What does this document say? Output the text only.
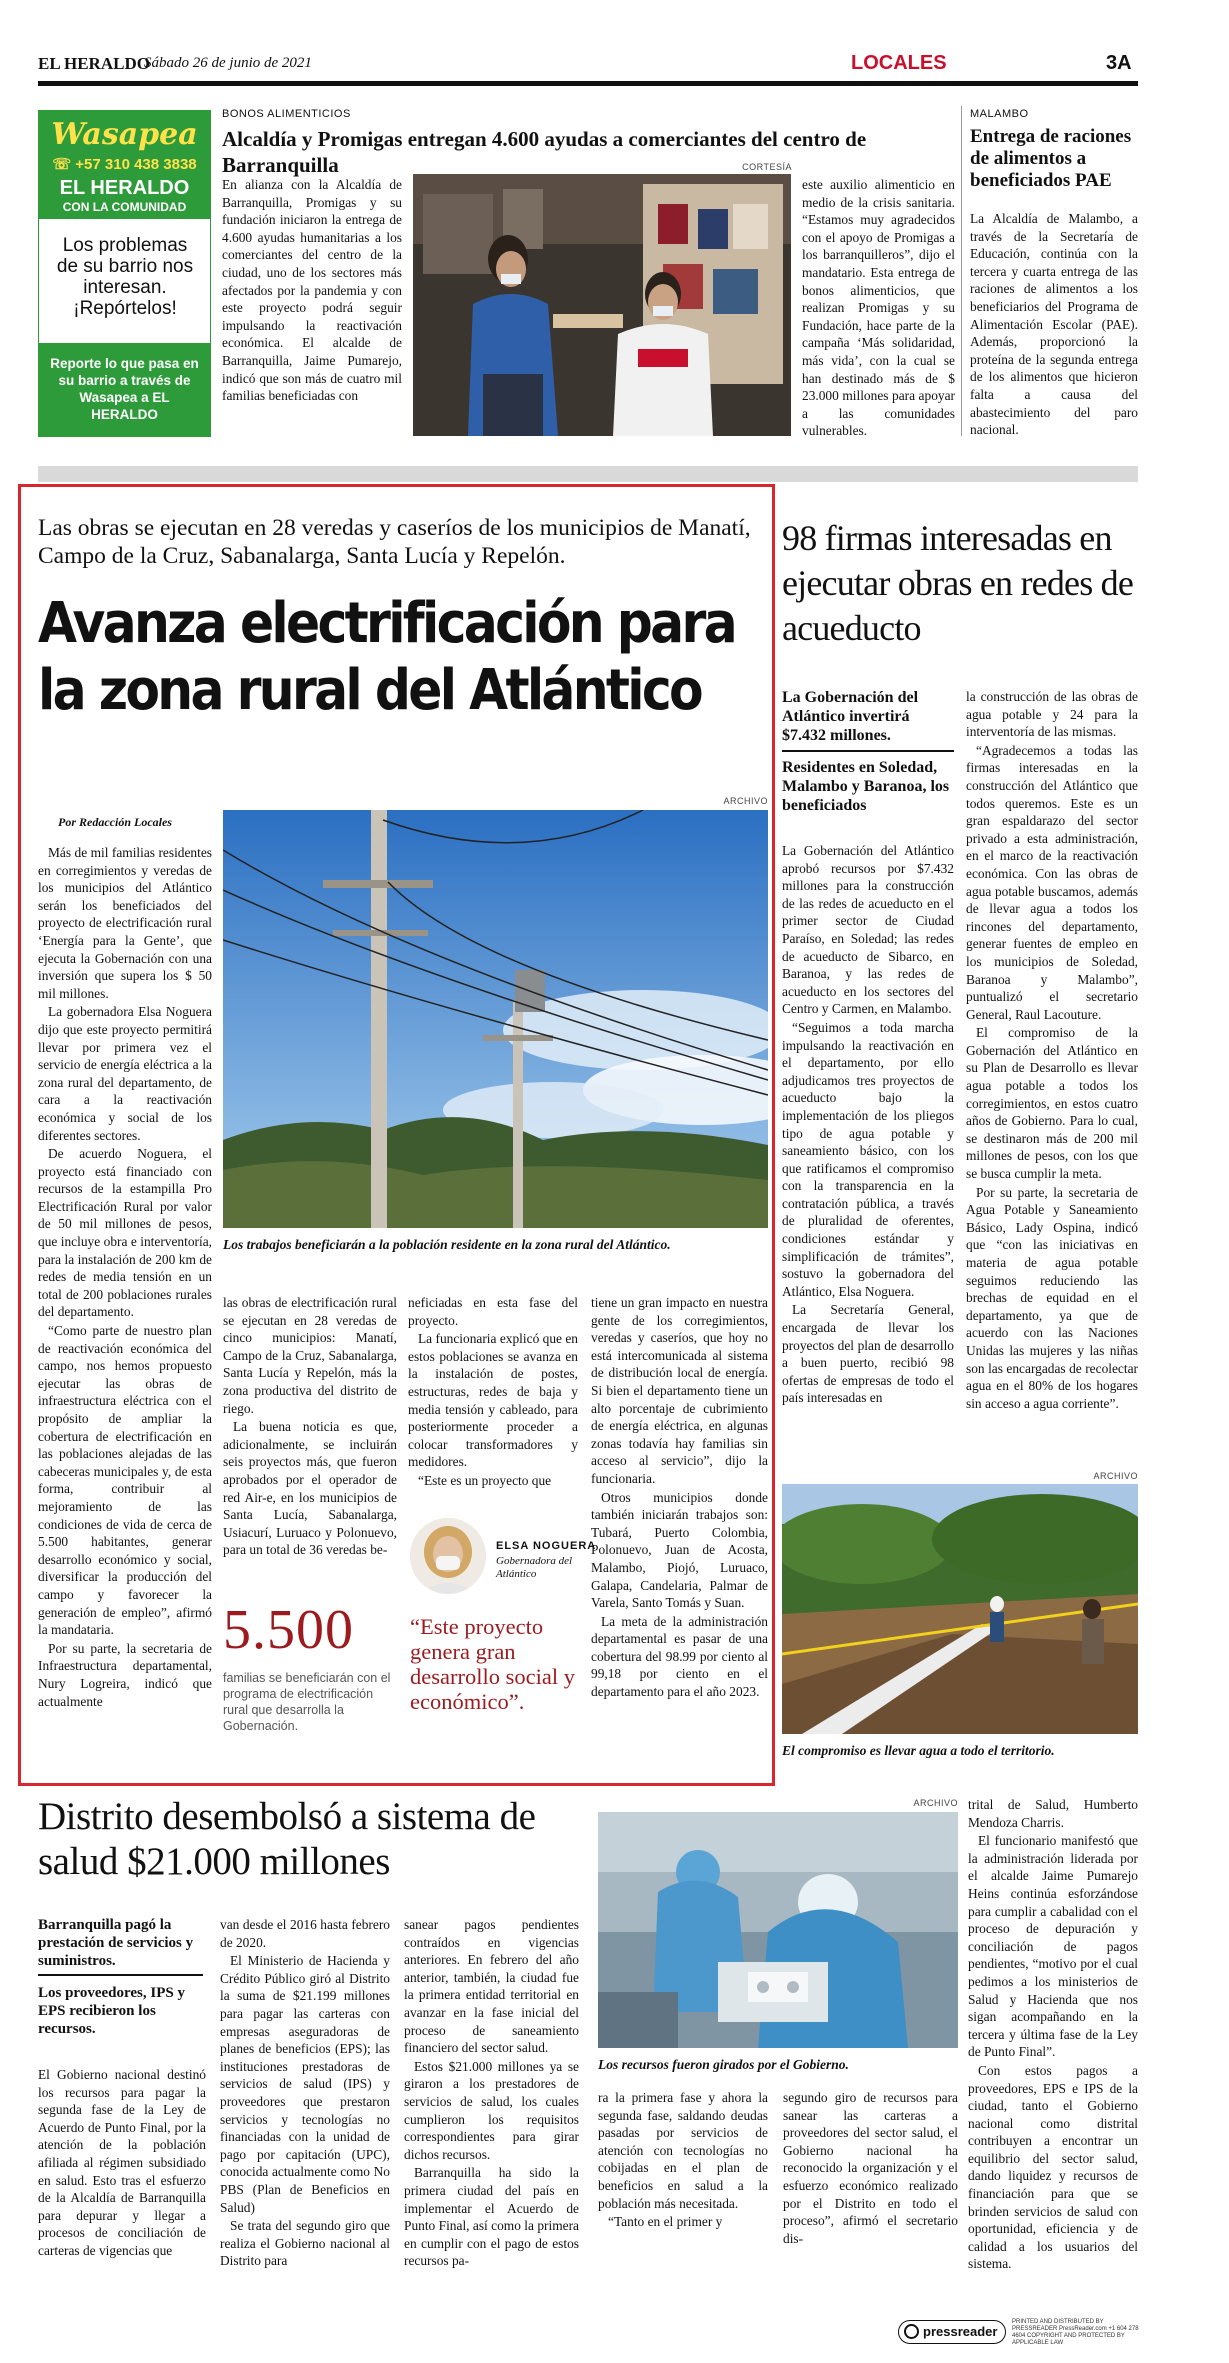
EL HERALDO
Sábado 26 de junio de 2021	LOCALES	3A
Wasapea
☏ +57 310 438 3838
EL HERALDO
CON LA COMUNIDAD
Los problemas de su barrio nos interesan. ¡Repórtelos!
Reporte lo que pasa en su barrio a través de Wasapea a EL HERALDO
BONOS ALIMENTICIOS
Alcaldía y Promigas entregan 4.600 ayudas a comerciantes del centro de Barranquilla	CORTESÍA

En alianza con la Alcaldía de Barranquilla, Promigas y su fundación iniciaron la entrega de 4.600 ayudas humanitarias a los comerciantes del centro de la ciudad, uno de los sectores más afectados por la pandemia y con este proyecto podrá seguir impulsando la reactivación económica. El alcalde de Barranquilla, Jaime Pumarejo, indicó que son más de cuatro mil familias beneficiadas con

este auxilio alimenticio en medio de la crisis sanitaria. “Estamos muy agradecidos con el apoyo de Promigas a los barranquilleros”, dijo el mandatario. Esta entrega de bonos alimenticios, que realizan Promigas y su Fundación, hace parte de la campaña ‘Más solidaridad, más vida’, con la cual se han destinado más de $ 23.000 millones para apoyar a las comunidades vulnerables.

MALAMBO
Entrega de raciones de alimentos a beneficiados PAE

La Alcaldía de Malambo, a través de la Secretaría de Educación, continúa con la tercera y cuarta entrega de las raciones de alimentos a los beneficiarios del Programa de Alimentación Escolar (PAE). Además, proporcionó la proteína de la segunda entrega de los alimentos que hicieron falta a causa del abastecimiento del paro nacional.

Las obras se ejecutan en 28 veredas y caseríos de los municipios de Manatí, Campo de la Cruz, Sabanalarga, Santa Lucía y Repelón.
Avanza electrificación para la zona rural del Atlántico
ARCHIVO
Por Redacción Locales

Más de mil familias residentes en corregimientos y veredas de los municipios del Atlántico serán los beneficiados del proyecto de electrificación rural ‘Energía para la Gente’, que ejecuta la Gobernación con una inversión que supera los $ 50 mil millones.

La gobernadora Elsa Noguera dijo que este proyecto permitirá llevar por primera vez el servicio de energía eléctrica a la zona rural del departamento, de cara a la reactivación económica y social de los diferentes sectores.

De acuerdo Noguera, el proyecto está financiado con recursos de la estampilla Pro Electrificación Rural por valor de 50 mil millones de pesos, que incluye obra e interventoría, para la instalación de 200 km de redes de media tensión en un total de 200 poblaciones rurales del departamento.

“Como parte de nuestro plan de reactivación económica del campo, nos hemos propuesto ejecutar las obras de infraestructura eléctrica con el propósito de ampliar la cobertura de electrificación en las poblaciones alejadas de las cabeceras municipales y, de esta forma, contribuir al mejoramiento de las condiciones de vida de cerca de 5.500 habitantes, generar desarrollo económico y social, diversificar la producción del campo y favorecer la generación de empleo”, afirmó la mandataria.

Por su parte, la secretaria de Infraestructura departamental, Nury Logreira, indicó que actualmente

Los trabajos beneficiarán a la población residente en la zona rural del Atlántico.

las obras de electrificación rural se ejecutan en 28 veredas de cinco municipios: Manatí, Campo de la Cruz, Sabanalarga, Santa Lucía y Repelón, más la zona productiva del distrito de riego.

La buena noticia es que, adicionalmente, se incluirán seis proyectos más, que fueron aprobados por el operador de red Air-e, en los municipios de Santa Lucía, Sabanalarga, Usiacurí, Luruaco y Polonuevo, para un total de 36 veredas be-

neficiadas en esta fase del proyecto.

La funcionaria explicó que en estos poblaciones se avanza en la instalación de postes, estructuras, redes de baja y media tensión y cableado, para posteriormente proceder a colocar transformadores y medidores.

“Este es un proyecto que

tiene un gran impacto en nuestra gente de los corregimientos, veredas y caseríos, que hoy no está intercomunicada al sistema de distribución local de energía. Si bien el departamento tiene un alto porcentaje de cubrimiento de energía eléctrica, en algunas zonas todavía hay familias sin acceso al servicio”, dijo la funcionaria.

Otros municipios donde también iniciarán trabajos son: Tubará, Puerto Colombia, Polonuevo, Juan de Acosta, Malambo, Piojó, Luruaco, Galapa, Candelaria, Palmar de Varela, Santo Tomás y Suan.

La meta de la administración departamental es pasar de una cobertura del 98.99 por ciento al 99,18 por ciento en el departamento para el año 2023.

5.500
familias se beneficiarán con el programa de electrificación rural que desarrolla la Gobernación.
ELSA NOGUERA
Gobernadora del Atlántico
“Este proyecto genera gran desarrollo social y económico”.
98 firmas interesadas en ejecutar obras en redes de acueducto
La Gobernación del Atlántico invertirá $7.432 millones.
Residentes en Soledad, Malambo y Baranoa, los beneficiados

La Gobernación del Atlántico aprobó recursos por $7.432 millones para la construcción de las redes de acueducto en el primer sector de Ciudad Paraíso, en Soledad; las redes de acueducto de Sibarco, en Baranoa, y las redes de acueducto en los sectores del Centro y Carmen, en Malambo.

“Seguimos a toda marcha impulsando la reactivación en el departamento, por ello adjudicamos tres proyectos de acueducto bajo la implementación de los pliegos tipo de agua potable y saneamiento básico, con los que ratificamos el compromiso con la transparencia en la contratación pública, a través de pluralidad de oferentes, condiciones estándar y simplificación de trámites”, sostuvo la gobernadora del Atlántico, Elsa Noguera.

La Secretaría General, encargada de llevar los proyectos del plan de desarrollo a buen puerto, recibió 98 ofertas de empresas de todo el país interesadas en

la construcción de las obras de agua potable y 24 para la interventoría de las mismas.

“Agradecemos a todas las firmas interesadas en la construcción del Atlántico que todos queremos. Este es un gran espaldarazo del sector privado a esta administración, en el marco de la reactivación económica. Con las obras de agua potable buscamos, además de llevar agua a todos los rincones del departamento, generar fuentes de empleo en los municipios de Soledad, Baranoa y Malambo”, puntualizó el secretario General, Raul Lacouture.

El compromiso de la Gobernación del Atlántico en su Plan de Desarrollo es llevar agua potable a todos los corregimientos, en estos cuatro años de Gobierno. Para lo cual, se destinaron más de 200 mil millones de pesos, con los que se busca cumplir la meta.

Por su parte, la secretaria de Agua Potable y Saneamiento Básico, Lady Ospina, indicó que “con las iniciativas en materia de agua potable seguimos reduciendo las brechas de equidad en el departamento, ya que de acuerdo con las Naciones Unidas las mujeres y las niñas son las encargadas de recolectar agua en el 80% de los hogares sin acceso a agua corriente”.

ARCHIVO
El compromiso es llevar agua a todo el territorio.
Distrito desembolsó a sistema de salud $21.000 millones
ARCHIVO
Los recursos fueron girados por el Gobierno.
Barranquilla pagó la prestación de servicios y suministros.
Los proveedores, IPS y EPS recibieron los recursos.

El Gobierno nacional destinó los recursos para pagar la segunda fase de la Ley de Acuerdo de Punto Final, por la atención de la población afiliada al régimen subsidiado en salud. Esto tras el esfuerzo de la Alcaldía de Barranquilla para depurar y llegar a procesos de conciliación de carteras de vigencias que

van desde el 2016 hasta febrero de 2020.

El Ministerio de Hacienda y Crédito Público giró al Distrito la suma de $21.199 millones para pagar las carteras con empresas aseguradoras de planes de beneficios (EPS); las instituciones prestadoras de servicios de salud (IPS) y proveedores que prestaron servicios y tecnologías no financiadas con la unidad de pago por capitación (UPC), conocida actualmente como No PBS (Plan de Beneficios en Salud)

Se trata del segundo giro que realiza el Gobierno nacional al Distrito para

sanear pagos pendientes contraídos en vigencias anteriores. En febrero del año anterior, también, la ciudad fue la primera entidad territorial en avanzar en la fase inicial del proceso de saneamiento financiero del sector salud.

Estos $21.000 millones ya se giraron a los prestadores de servicios de salud, los cuales cumplieron los requisitos correspondientes para girar dichos recursos.

Barranquilla ha sido la primera ciudad del país en implementar el Acuerdo de Punto Final, así como la primera en cumplir con el pago de estos recursos pa-

ra la primera fase y ahora la segunda fase, saldando deudas pasadas por servicios de atención con tecnologías no cobijadas en el plan de beneficios en salud a la población más necesitada.

“Tanto en el primer y

segundo giro de recursos para sanear las carteras a proveedores del sector salud, el Gobierno nacional ha reconocido la organización y el esfuerzo económico realizado por el Distrito en todo el proceso”, afirmó el secretario dis-

trital de Salud, Humberto Mendoza Charris.

El funcionario manifestó que la administración liderada por el alcalde Jaime Pumarejo Heins continúa esforzándose para cumplir a cabalidad con el proceso de depuración y conciliación de pagos pendientes, “motivo por el cual pedimos a los ministerios de Salud y Hacienda que nos sigan acompañando en la tercera y última fase de la Ley de Punto Final”.

Con estos pagos a proveedores, EPS e IPS de la ciudad, tanto el Gobierno nacional como distrital contribuyen a encontrar un equilibrio del sector salud, dando liquidez y recursos de financiación para que se brinden servicios de salud con oportunidad, eficiencia y de calidad a los usuarios del sistema.

pressreader
PRINTED AND DISTRIBUTED BY PRESSREADER PressReader.com +1 604 278 4604 COPYRIGHT AND PROTECTED BY APPLICABLE LAW
